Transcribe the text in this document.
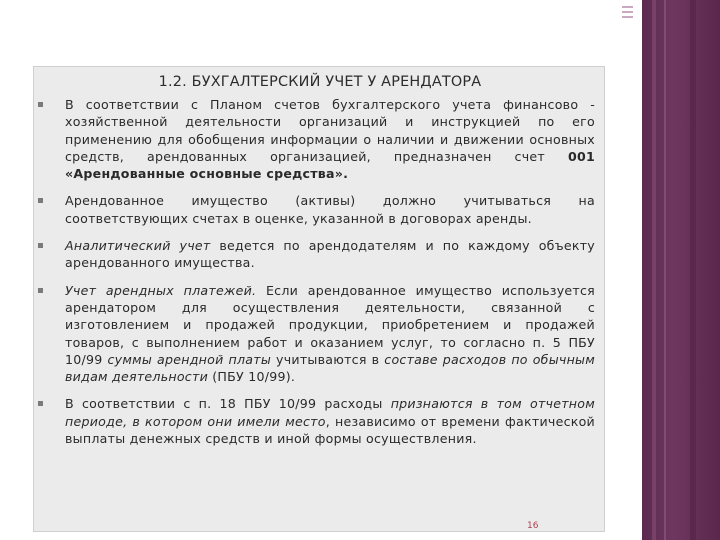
1.2. БУХГАЛТЕРСКИЙ УЧЕТ У АРЕНДАТОРА
В соответствии с Планом счетов бухгалтерского учета финансово - хозяйственной деятельности организаций и инструкцией по его применению для обобщения информации о наличии и движении основных средств, арендованных организацией, предназначен счет 001 «Арендованные основные средства».
Арендованное имущество (активы) должно учитываться на соответствующих счетах в оценке, указанной в договорах аренды.
Аналитический учет ведется по арендодателям и по каждому объекту арендованного имущества.
Учет арендных платежей. Если арендованное имущество используется арендатором для осуществления деятельности, связанной с изготовлением и продажей продукции, приобретением и продажей товаров, с выполнением работ и оказанием услуг, то согласно п. 5 ПБУ 10/99 суммы арендной платы учитываются в составе расходов по обычным видам деятельности (ПБУ 10/99).
В соответствии с п. 18 ПБУ 10/99 расходы признаются в том отчетном периоде, в котором они имели место, независимо от времени фактической выплаты денежных средств и иной формы осуществления.
16
